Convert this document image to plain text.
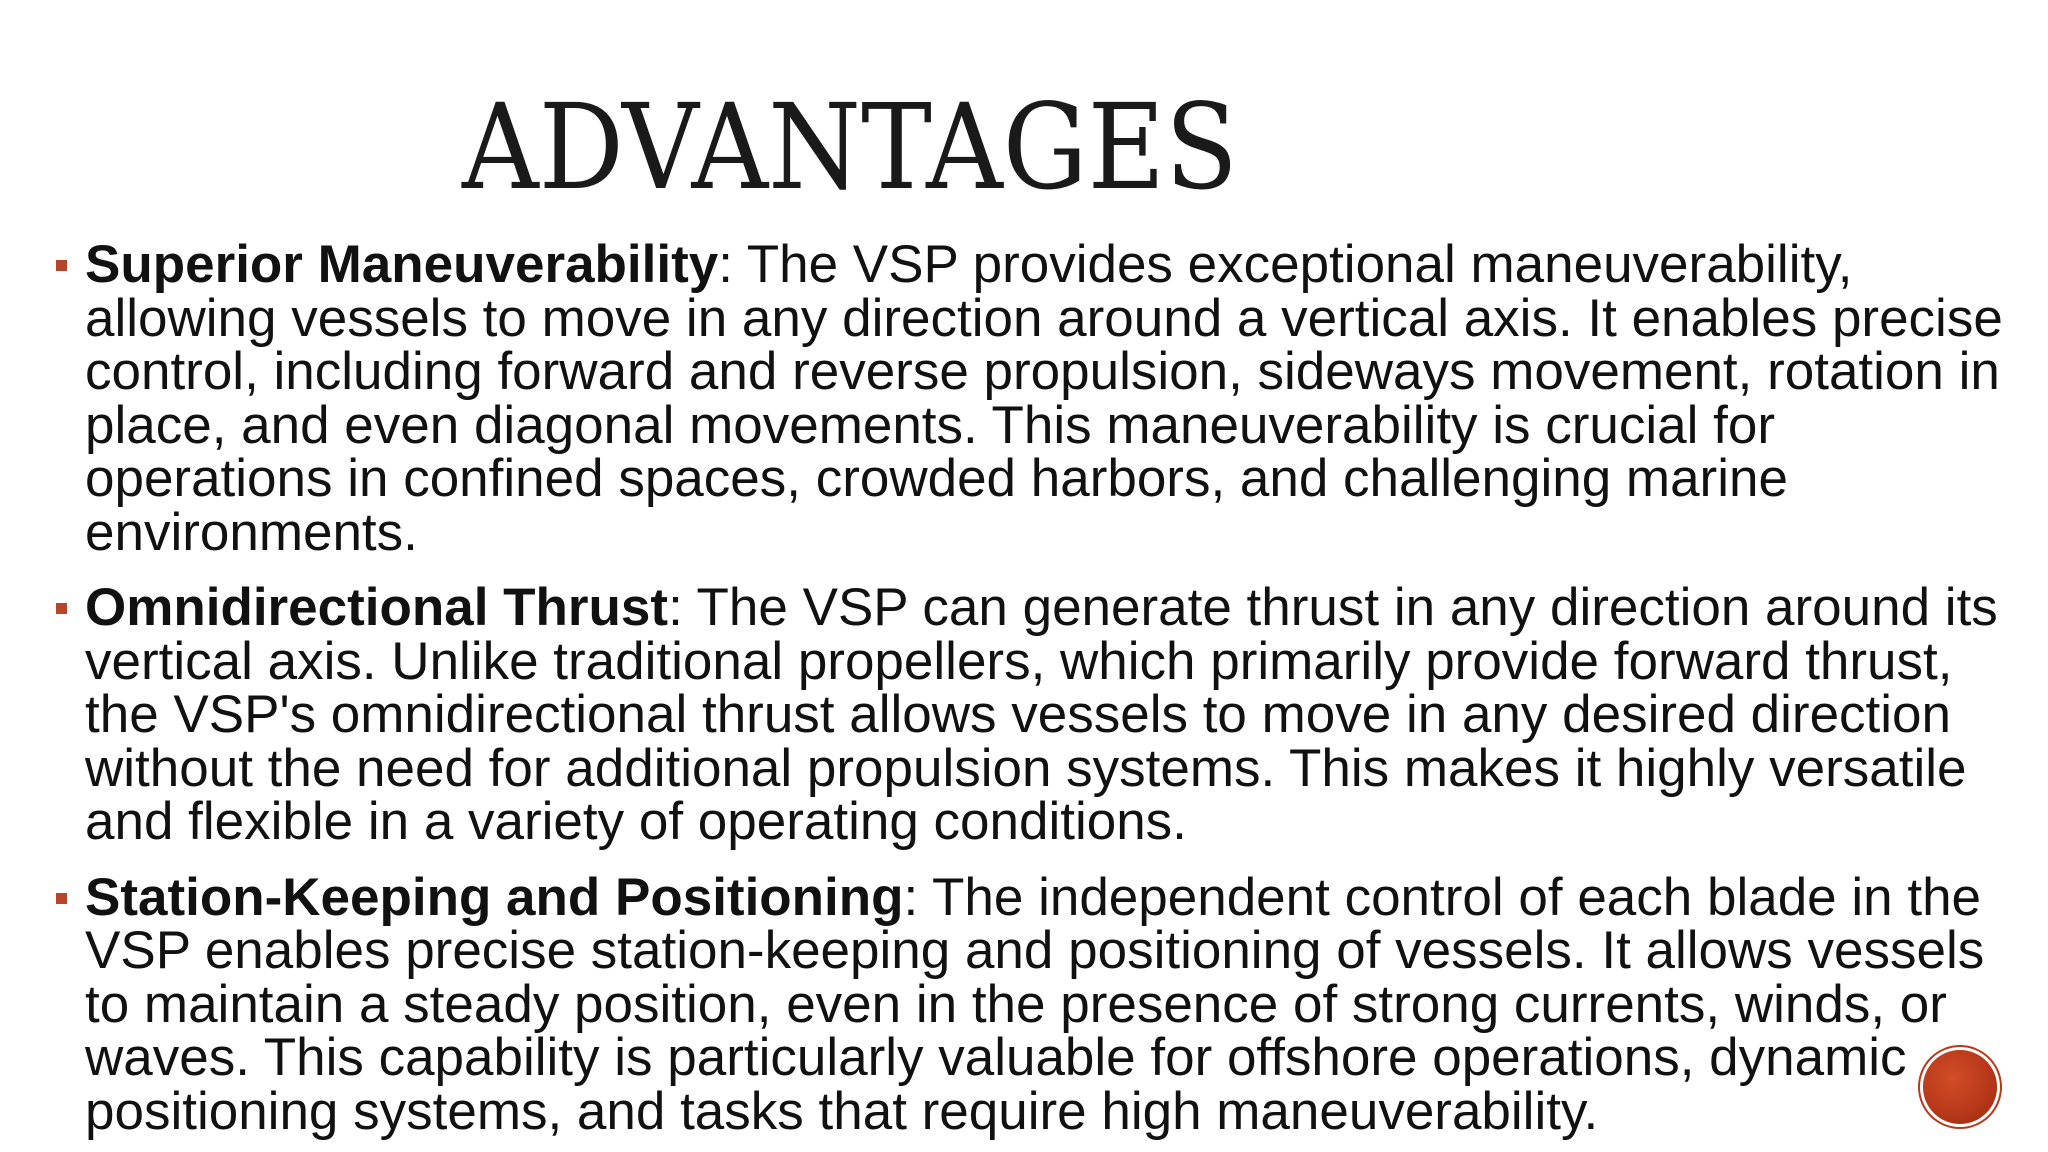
ADVANTAGES
Superior Maneuverability: The VSP provides exceptional maneuverability, allowing vessels to move in any direction around a vertical axis. It enables precise control, including forward and reverse propulsion, sideways movement, rotation in place, and even diagonal movements. This maneuverability is crucial for operations in confined spaces, crowded harbors, and challenging marine environments.
Omnidirectional Thrust: The VSP can generate thrust in any direction around its vertical axis. Unlike traditional propellers, which primarily provide forward thrust, the VSP's omnidirectional thrust allows vessels to move in any desired direction without the need for additional propulsion systems. This makes it highly versatile and flexible in a variety of operating conditions.
Station-Keeping and Positioning: The independent control of each blade in the VSP enables precise station-keeping and positioning of vessels. It allows vessels to maintain a steady position, even in the presence of strong currents, winds, or waves. This capability is particularly valuable for offshore operations, dynamic positioning systems, and tasks that require high maneuverability.
